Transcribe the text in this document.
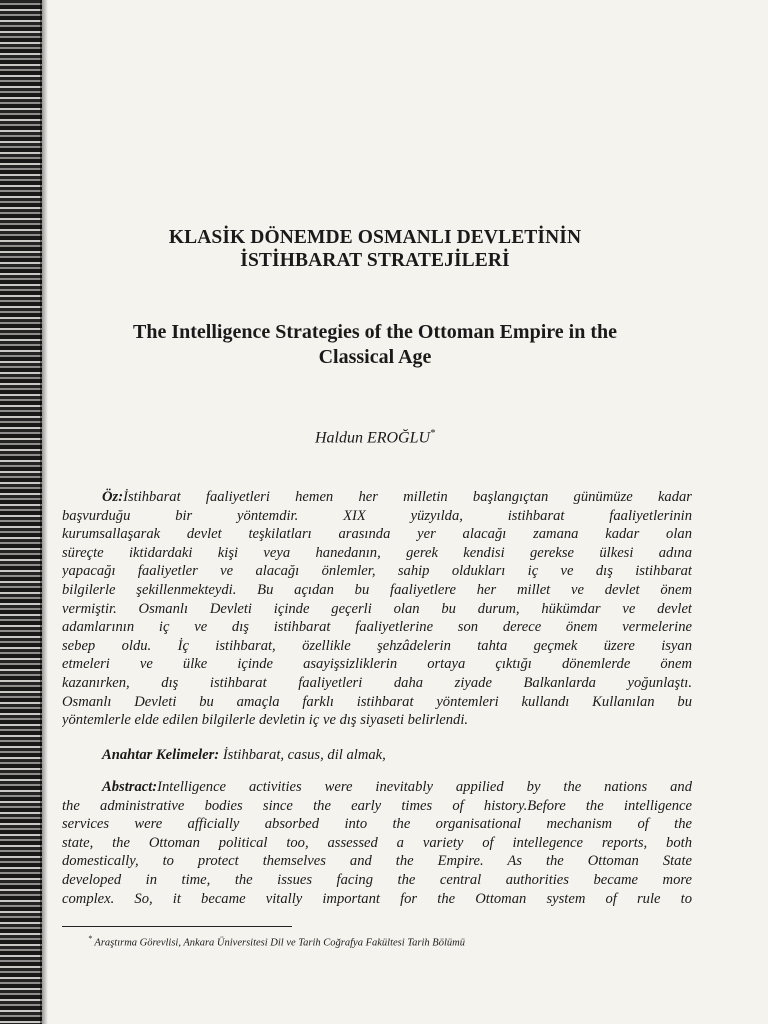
KLASİK DÖNEMDE OSMANLI DEVLETİNİN
İSTİHBARAT STRATEJİLERİ
The Intelligence Strategies of the Ottoman Empire in the
Classical Age
Haldun EROĞLU*
Öz:İstihbarat faaliyetleri hemen her milletin başlangıçtan günümüze kadar
başvurduğu bir yöntemdir. XIX yüzyılda, istihbarat faaliyetlerinin
kurumsallaşarak devlet teşkilatları arasında yer alacağı zamana kadar olan
süreçte iktidardaki kişi veya hanedanın, gerek kendisi gerekse ülkesi adına
yapacağı faaliyetler ve alacağı önlemler, sahip oldukları iç ve dış istihbarat
bilgilerle şekillenmekteydi. Bu açıdan bu faaliyetlere her millet ve devlet önem
vermiştir. Osmanlı Devleti içinde geçerli olan bu durum, hükümdar ve devlet
adamlarının iç ve dış istihbarat faaliyetlerine son derece önem vermelerine
sebep oldu. İç istihbarat, özellikle şehzâdelerin tahta geçmek üzere isyan
etmeleri ve ülke içinde asayişsizliklerin ortaya çıktığı dönemlerde önem
kazanırken, dış istihbarat faaliyetleri daha ziyade Balkanlarda yoğunlaştı.
Osmanlı Devleti bu amaçla farklı istihbarat yöntemleri kullandı Kullanılan bu
yöntemlerle elde edilen bilgilerle devletin iç ve dış siyaseti belirlendi.
Anahtar Kelimeler: İstihbarat, casus, dil almak,
Abstract:Intelligence activities were inevitably appilied by the nations and
the administrative bodies since the early times of history.Before the intelligence
services were afficially absorbed into the organisational mechanism of the
state, the Ottoman political too, assessed a variety of intellegence reports, both
domestically, to protect themselves and the Empire. As the Ottoman State
developed in time, the issues facing the central authorities became more
complex. So, it became vitally important for the Ottoman system of rule to
* Araştırma Görevlisi, Ankara Üniversitesi Dil ve Tarih Coğrafya Fakültesi Tarih Bölümü
